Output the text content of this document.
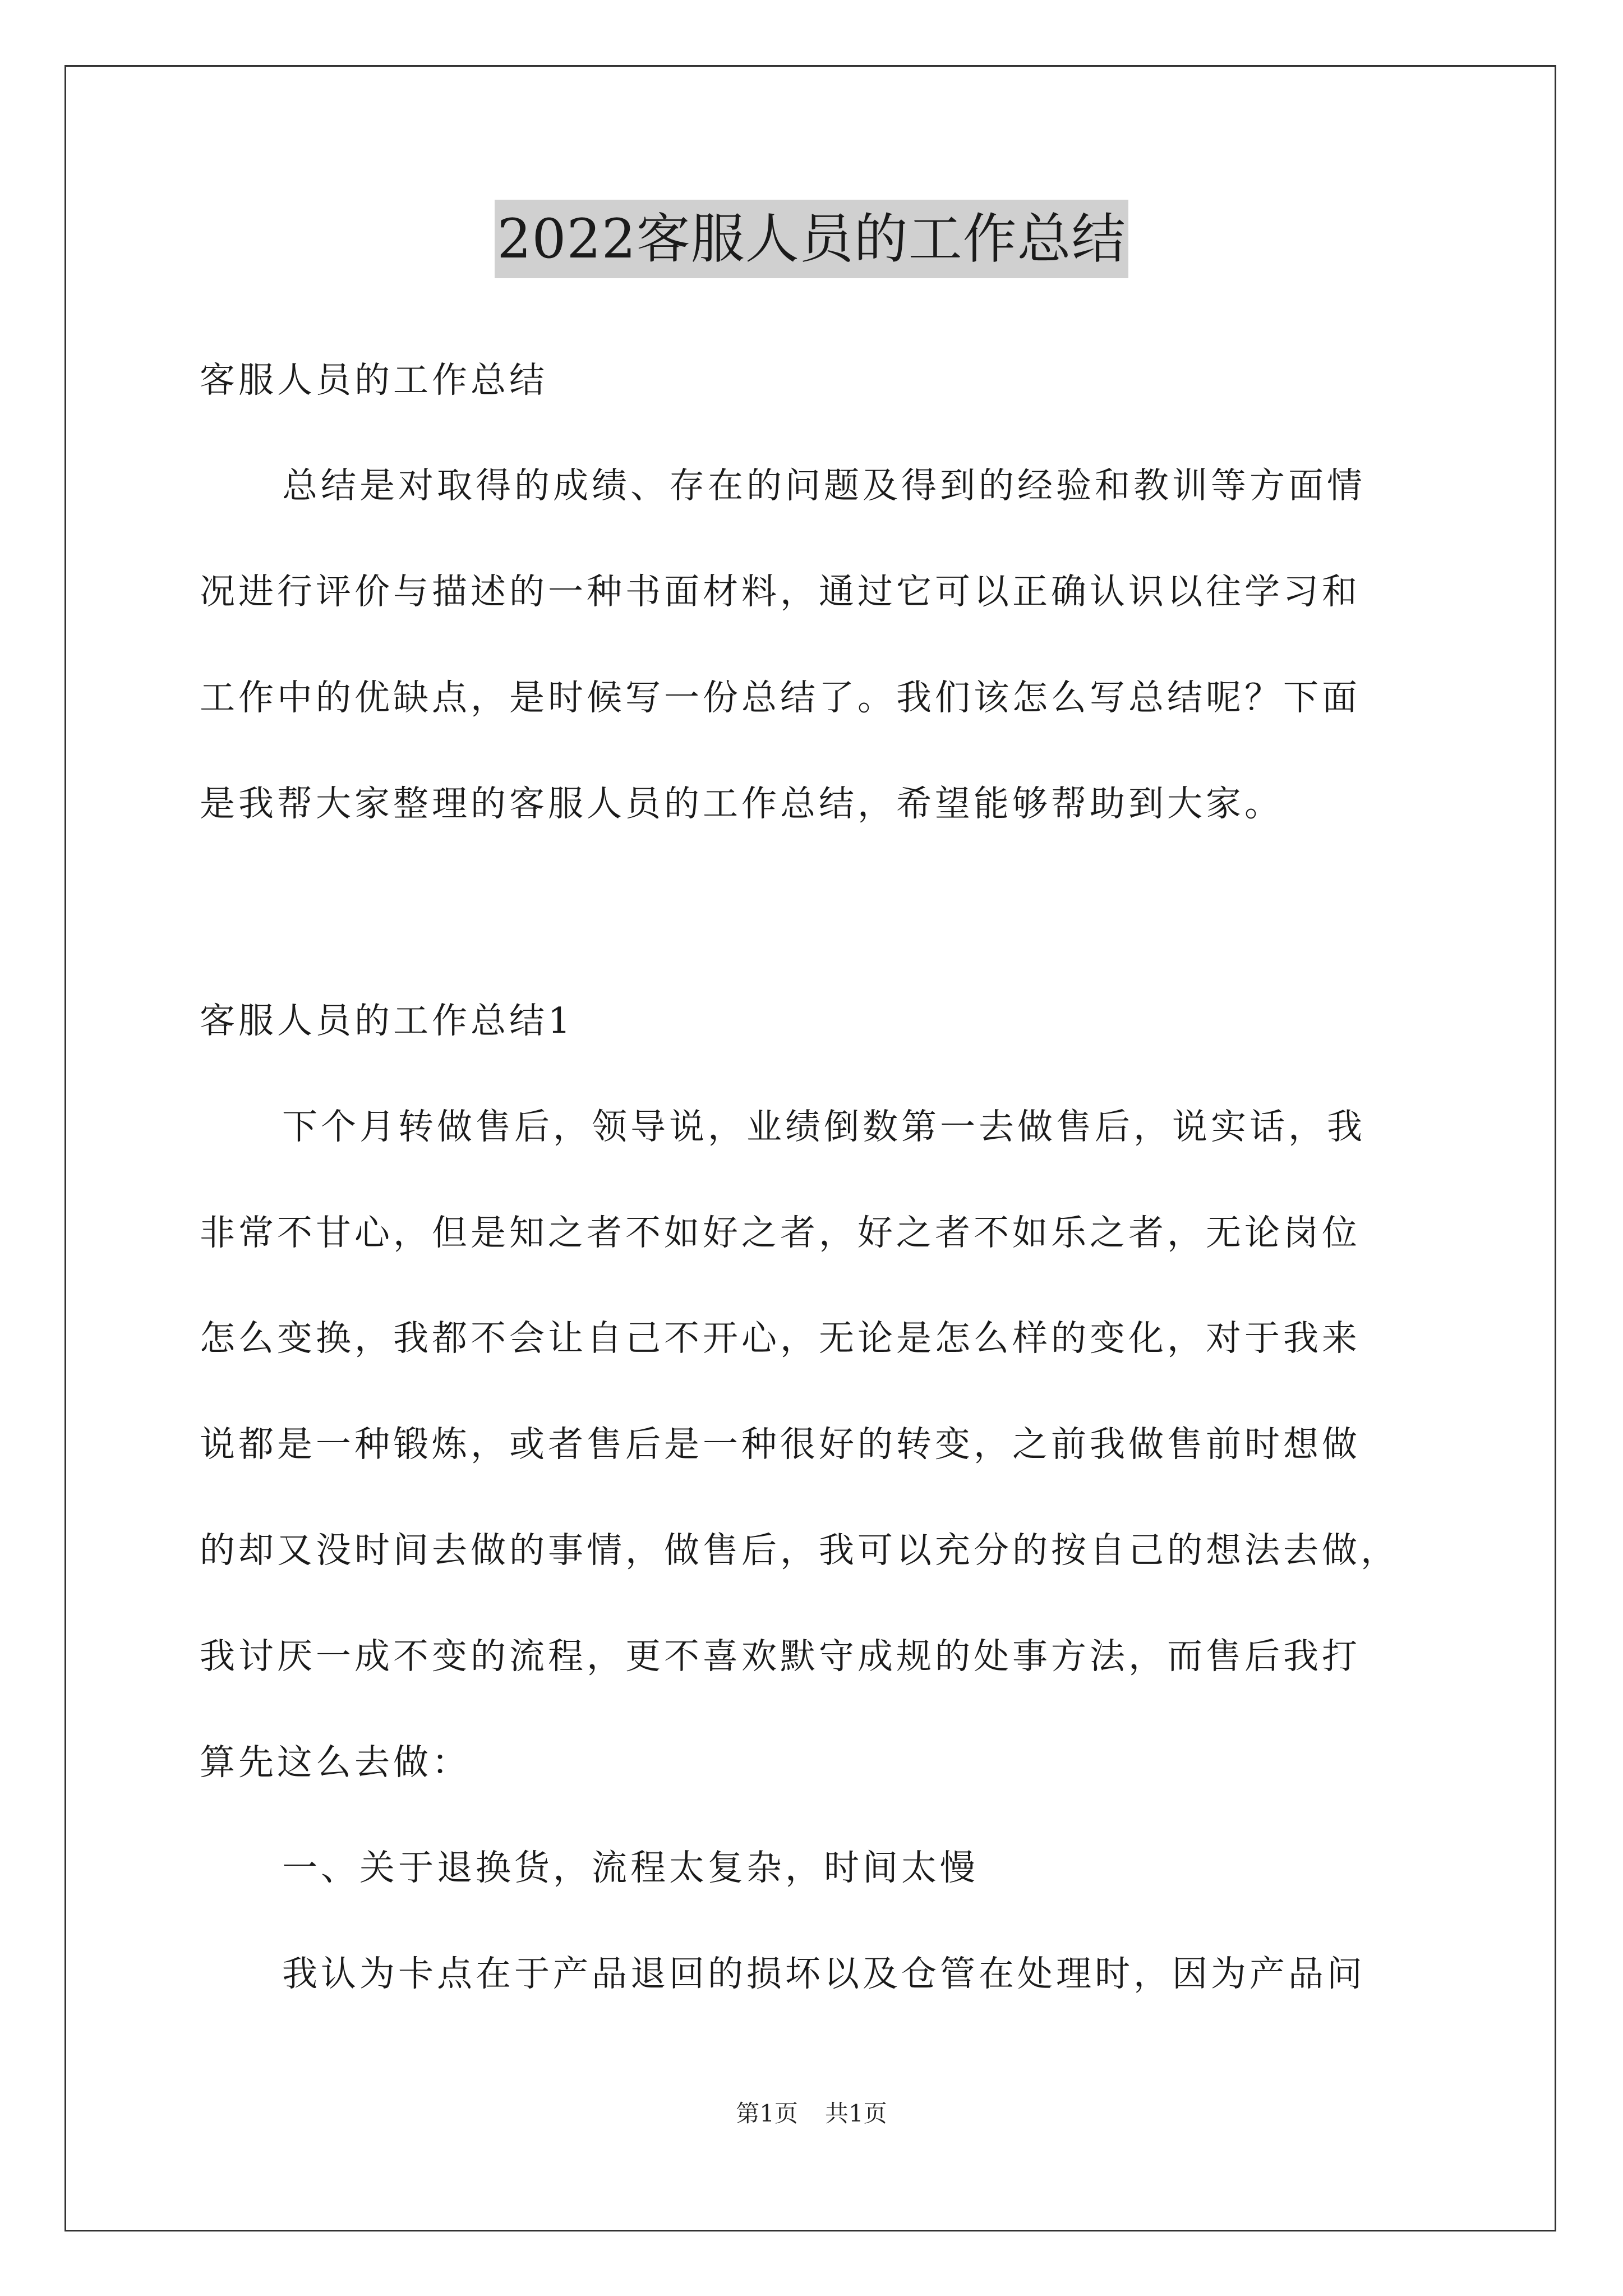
2022客服人员的工作总结
客服人员的工作总结
总结是对取得的成绩、存在的问题及得到的经验和教训等方面情
况进行评价与描述的一种书面材料，通过它可以正确认识以往学习和
工作中的优缺点，是时候写一份总结了。我们该怎么写总结呢？下面
是我帮大家整理的客服人员的工作总结，希望能够帮助到大家。
客服人员的工作总结1
下个月转做售后，领导说，业绩倒数第一去做售后，说实话，我
非常不甘心，但是知之者不如好之者，好之者不如乐之者，无论岗位
怎么变换，我都不会让自己不开心，无论是怎么样的变化，对于我来
说都是一种锻炼，或者售后是一种很好的转变，之前我做售前时想做
的却又没时间去做的事情，做售后，我可以充分的按自己的想法去做，
我讨厌一成不变的流程，更不喜欢默守成规的处事方法，而售后我打
算先这么去做：
一、关于退换货，流程太复杂，时间太慢
我认为卡点在于产品退回的损坏以及仓管在处理时，因为产品问
第1页 共1页
